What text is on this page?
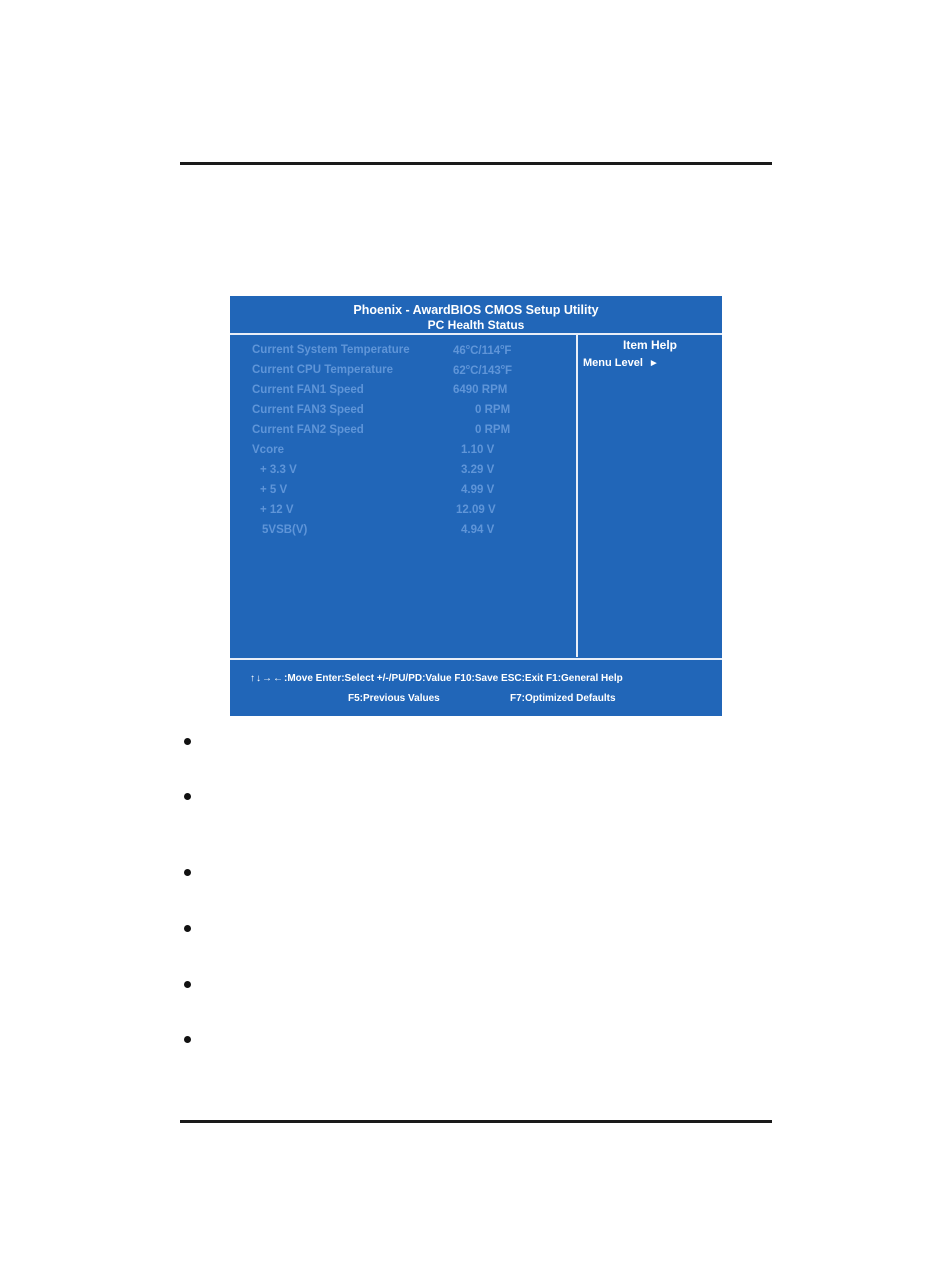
Phoenix - AwardBIOS CMOS Setup Utility
PC Health Status
Current System Temperature	46$^o$C/114$^o$F
Current CPU Temperature	62$^o$C/143$^o$F
Current FAN1 Speed	6490 RPM
Current FAN3 Speed	0 RPM
Current FAN2 Speed	0 RPM
Vcore	1.10 V
+ 3.3 V	3.29 V
+ 5 V	4.99 V
+ 12 V	12.09 V
5VSB(V)	4.94 V
Item Help
Menu Level ►
↑↓→←:Move Enter:Select +/-/PU/PD:Value F10:Save ESC:Exit F1:General Help
F5:Previous Values	F7:Optimized Defaults
